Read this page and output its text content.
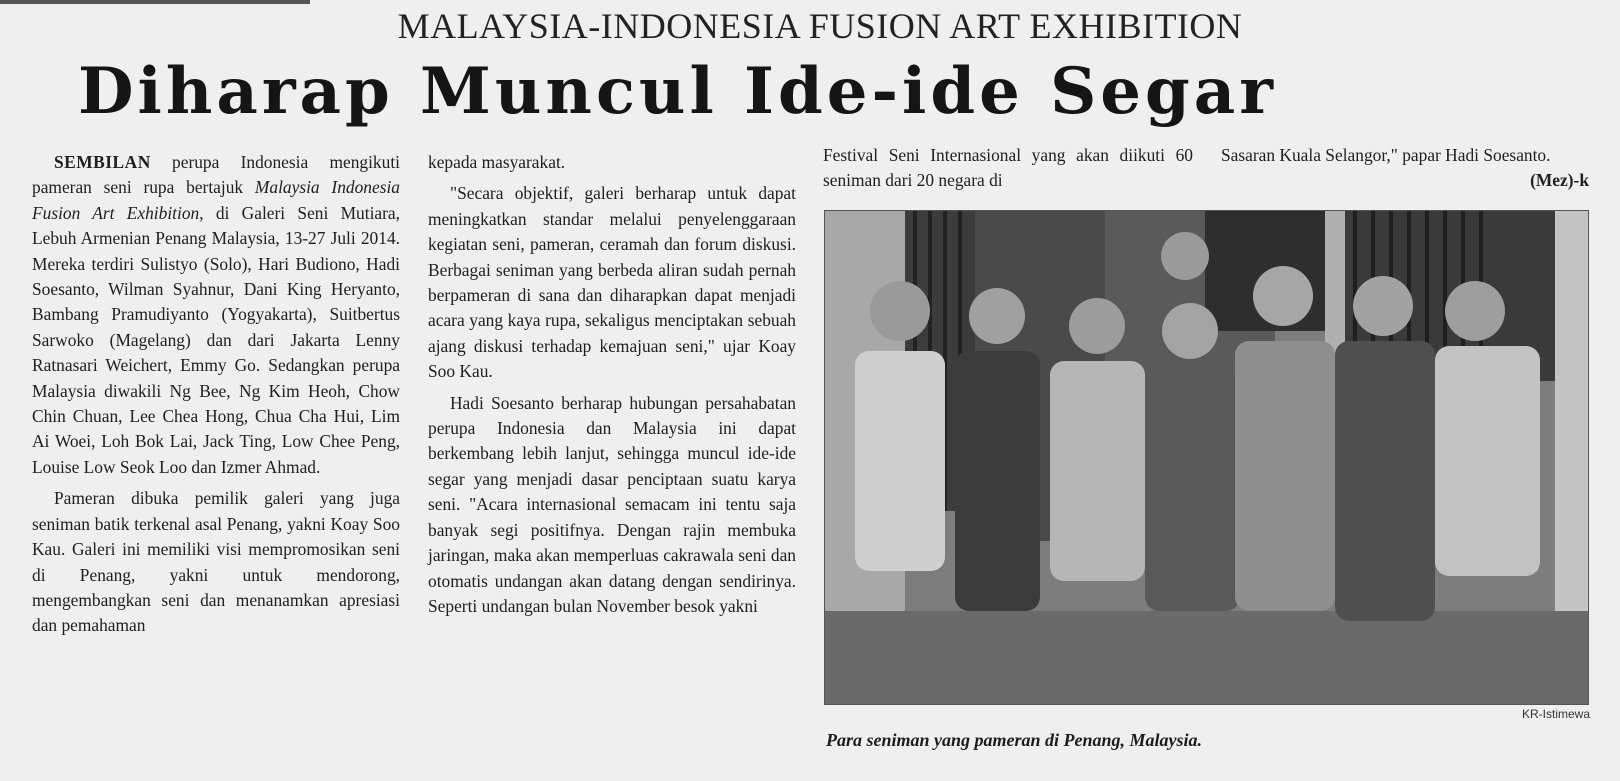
MALAYSIA-INDONESIA FUSION ART EXHIBITION
Diharap Muncul Ide-ide Segar

SEMBILAN perupa Indonesia mengikuti pameran seni rupa bertajuk Malaysia Indonesia Fusion Art Exhibition, di Galeri Seni Mutiara, Lebuh Armenian Penang Malaysia, 13-27 Juli 2014. Mereka terdiri Sulistyo (Solo), Hari Budiono, Hadi Soesanto, Wilman Syahnur, Dani King Heryanto, Bambang Pramudiyanto (Yogyakarta), Suitbertus Sarwoko (Magelang) dan dari Jakarta Lenny Ratnasari Weichert, Emmy Go. Sedangkan perupa Malaysia diwakili Ng Bee, Ng Kim Heoh, Chow Chin Chuan, Lee Chea Hong, Chua Cha Hui, Lim Ai Woei, Loh Bok Lai, Jack Ting, Low Chee Peng, Louise Low Seok Loo dan Izmer Ahmad.

Pameran dibuka pemilik galeri yang juga seniman batik terkenal asal Penang, yakni Koay Soo Kau. Galeri ini memiliki visi mempromosikan seni di Penang, yakni untuk mendorong, mengembangkan seni dan menanamkan apresiasi dan pemahaman

kepada masyarakat.

"Secara objektif, galeri berharap untuk dapat meningkatkan standar melalui penyelenggaraan kegiatan seni, pameran, ceramah dan forum diskusi. Berbagai seniman yang berbeda aliran sudah pernah berpameran di sana dan diharapkan dapat menjadi acara yang kaya rupa, sekaligus menciptakan sebuah ajang diskusi terhadap kemajuan seni," ujar Koay Soo Kau.

Hadi Soesanto berharap hubungan persahabatan perupa Indonesia dan Malaysia ini dapat berkembang lebih lanjut, sehingga muncul ide-ide segar yang menjadi dasar penciptaan suatu karya seni. "Acara internasional semacam ini tentu saja banyak segi positifnya. Dengan rajin membuka jaringan, maka akan memperluas cakrawala seni dan otomatis undangan akan datang dengan sendirinya. Seperti undangan bulan November besok yakni

Festival Seni Internasional yang akan diikuti 60 seniman dari 20 negara di

Sasaran Kuala Selangor," papar Hadi Soesanto.

(Mez)-k
KR-Istimewa
Para seniman yang pameran di Penang, Malaysia.
